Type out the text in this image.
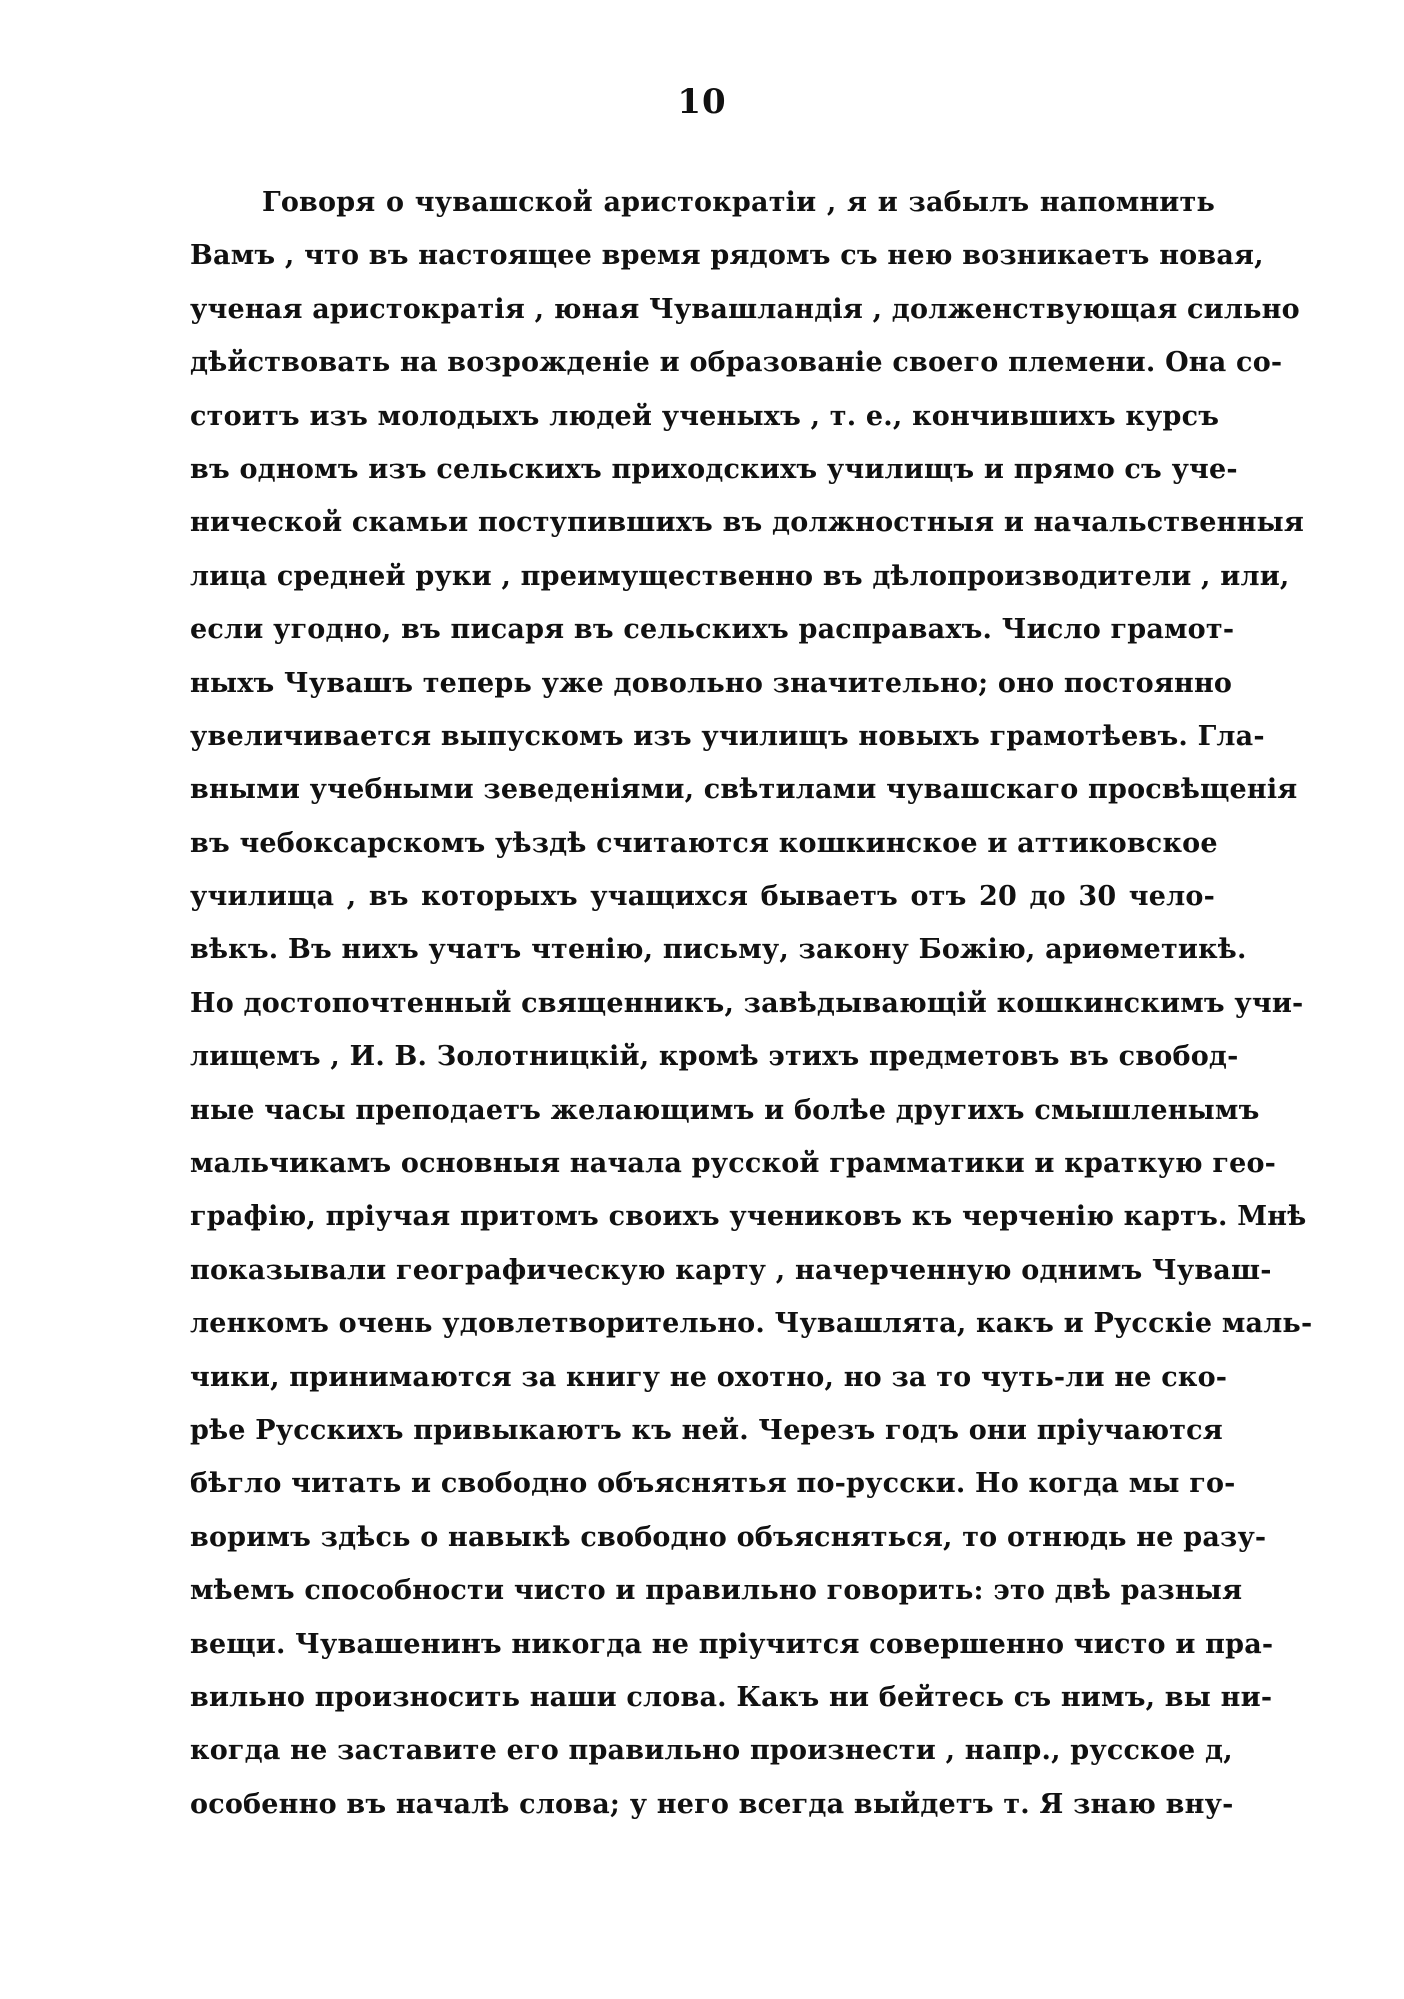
10
Говоря о чувашской аристократіи , я и забылъ напомнить
Вамъ , что въ настоящее время рядомъ съ нею возникаетъ новая,
ученая аристократія , юная Чувашландія , долженствующая сильно
дѣйствовать на возрожденіе и образованіе своего племени. Она со-
стоитъ изъ молодыхъ людей ученыхъ , т. е., кончившихъ курсъ
въ одномъ изъ сельскихъ приходскихъ училищъ и прямо съ уче-
нической скамьи поступившихъ въ должностныя и начальственныя
лица средней руки , преимущественно въ дѣлопроизводители , или,
если угодно, въ писаря въ сельскихъ расправахъ. Число грамот-
ныхъ Чувашъ теперь уже довольно значительно; оно постоянно
увеличивается выпускомъ изъ училищъ новыхъ грамотѣевъ. Гла-
вными учебными зеведеніями, свѣтилами чувашскаго просвѣщенія
въ чебоксарскомъ уѣздѣ считаются кошкинское и аттиковское
училища , въ которыхъ учащихся бываетъ отъ 20 до 30 чело-
вѣкъ. Въ нихъ учатъ чтенію, письму, закону Божію, ариѳметикѣ.
Но достопочтенный священникъ, завѣдывающій кошкинскимъ учи-
лищемъ , И. В. Золотницкій, кромѣ этихъ предметовъ въ свобод-
ные часы преподаетъ желающимъ и болѣе другихъ смышленымъ
мальчикамъ основныя начала русской грамматики и краткую гео-
графію, пріучая притомъ своихъ учениковъ къ черченію картъ. Мнѣ
показывали географическую карту , начерченную однимъ Чуваш-
ленкомъ очень удовлетворительно. Чувашлята, какъ и Русскіе маль-
чики, принимаются за книгу не охотно, но за то чуть-ли не ско-
рѣе Русскихъ привыкаютъ къ ней. Черезъ годъ они пріучаются
бѣгло читать и свободно объяснятья по-русски. Но когда мы го-
воримъ здѣсь о навыкѣ свободно объясняться, то отнюдь не разу-
мѣемъ способности чисто и правильно говорить: это двѣ разныя
вещи. Чувашенинъ никогда не пріучится совершенно чисто и пра-
вильно произносить наши слова. Какъ ни бейтесь съ нимъ, вы ни-
когда не заставите его правильно произнести , напр., русское д,
особенно въ началѣ слова; у него всегда выйдетъ т. Я знаю вну-
